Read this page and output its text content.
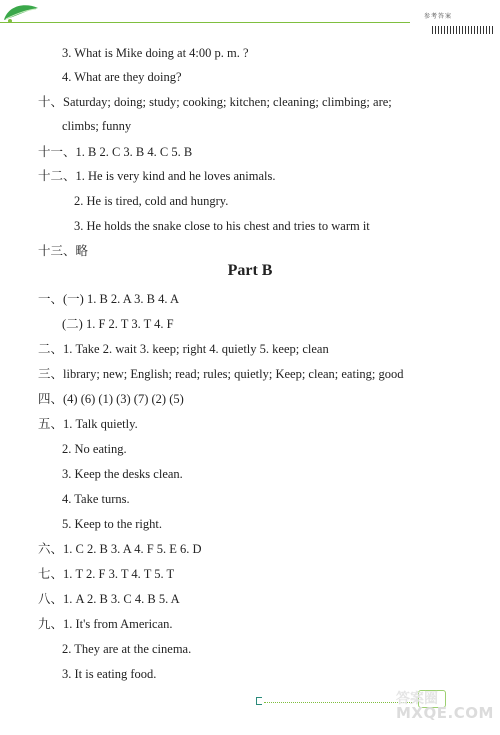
参考答案
3. What is Mike doing at 4:00 p. m. ?
4. What are they doing?
十、Saturday; doing; study; cooking; kitchen; cleaning; climbing; are;
climbs; funny
十一、1. B 2. C 3. B 4. C 5. B
十二、1. He is very kind and he loves animals.
2. He is tired, cold and hungry.
3. He holds the snake close to his chest and tries to warm it
十三、略
Part B
一、(一) 1. B 2. A 3. B 4. A
(二) 1. F 2. T 3. T 4. F
二、1. Take 2. wait 3. keep; right 4. quietly 5. keep; clean
三、library; new; English; read; rules; quietly; Keep; clean; eating; good
四、(4) (6) (1) (3) (7) (2) (5)
五、1. Talk quietly.
2. No eating.
3. Keep the desks clean.
4. Take turns.
5. Keep to the right.
六、1. C 2. B 3. A 4. F 5. E 6. D
七、1. T 2. F 3. T 4. T 5. T
八、1. A 2. B 3. C 4. B 5. A
九、1. It's from American.
2. They are at the cinema.
3. It is eating food.
答案圈
MXQE.COM
